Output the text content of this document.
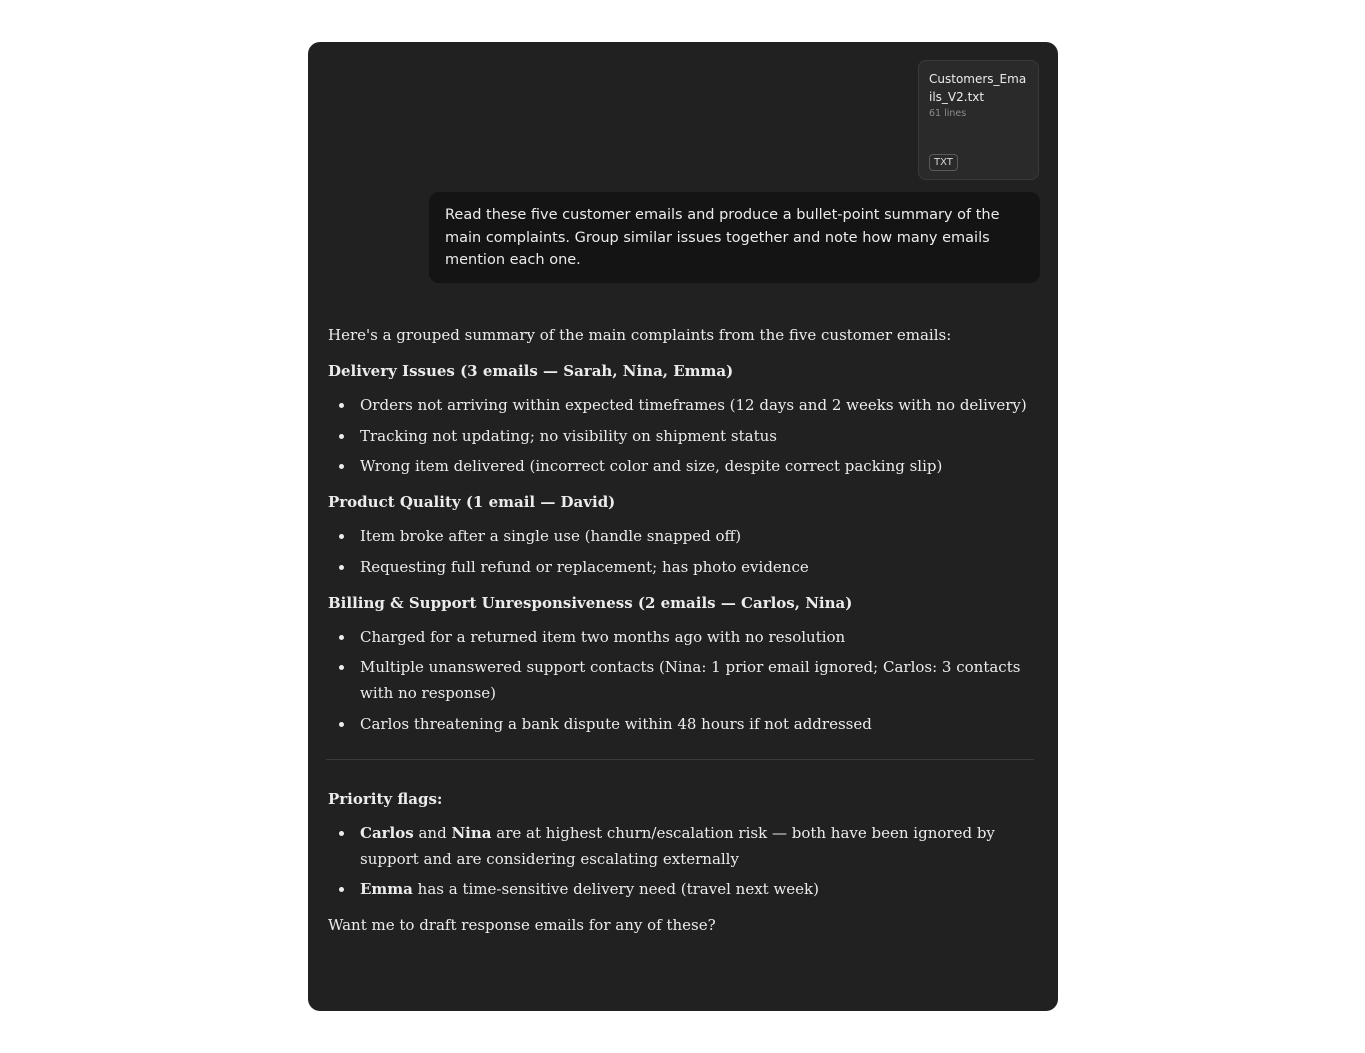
Customers_Emails_V2.txt
61 lines
TXT
Read these five customer emails and produce a bullet-point summary of the main complaints. Group similar issues together and note how many emails mention each one.

Here's a grouped summary of the main complaints from the five customer emails:

Delivery Issues (3 emails — Sarah, Nina, Emma)

Orders not arriving within expected timeframes (12 days and 2 weeks with no delivery)
Tracking not updating; no visibility on shipment status
Wrong item delivered (incorrect color and size, despite correct packing slip)

Product Quality (1 email — David)

Item broke after a single use (handle snapped off)
Requesting full refund or replacement; has photo evidence

Billing & Support Unresponsiveness (2 emails — Carlos, Nina)

Charged for a returned item two months ago with no resolution
Multiple unanswered support contacts (Nina: 1 prior email ignored; Carlos: 3 contacts with no response)
Carlos threatening a bank dispute within 48 hours if not addressed

Priority flags:

Carlos and Nina are at highest churn/escalation risk — both have been ignored by support and are considering escalating externally
Emma has a time-sensitive delivery need (travel next week)

Want me to draft response emails for any of these?
